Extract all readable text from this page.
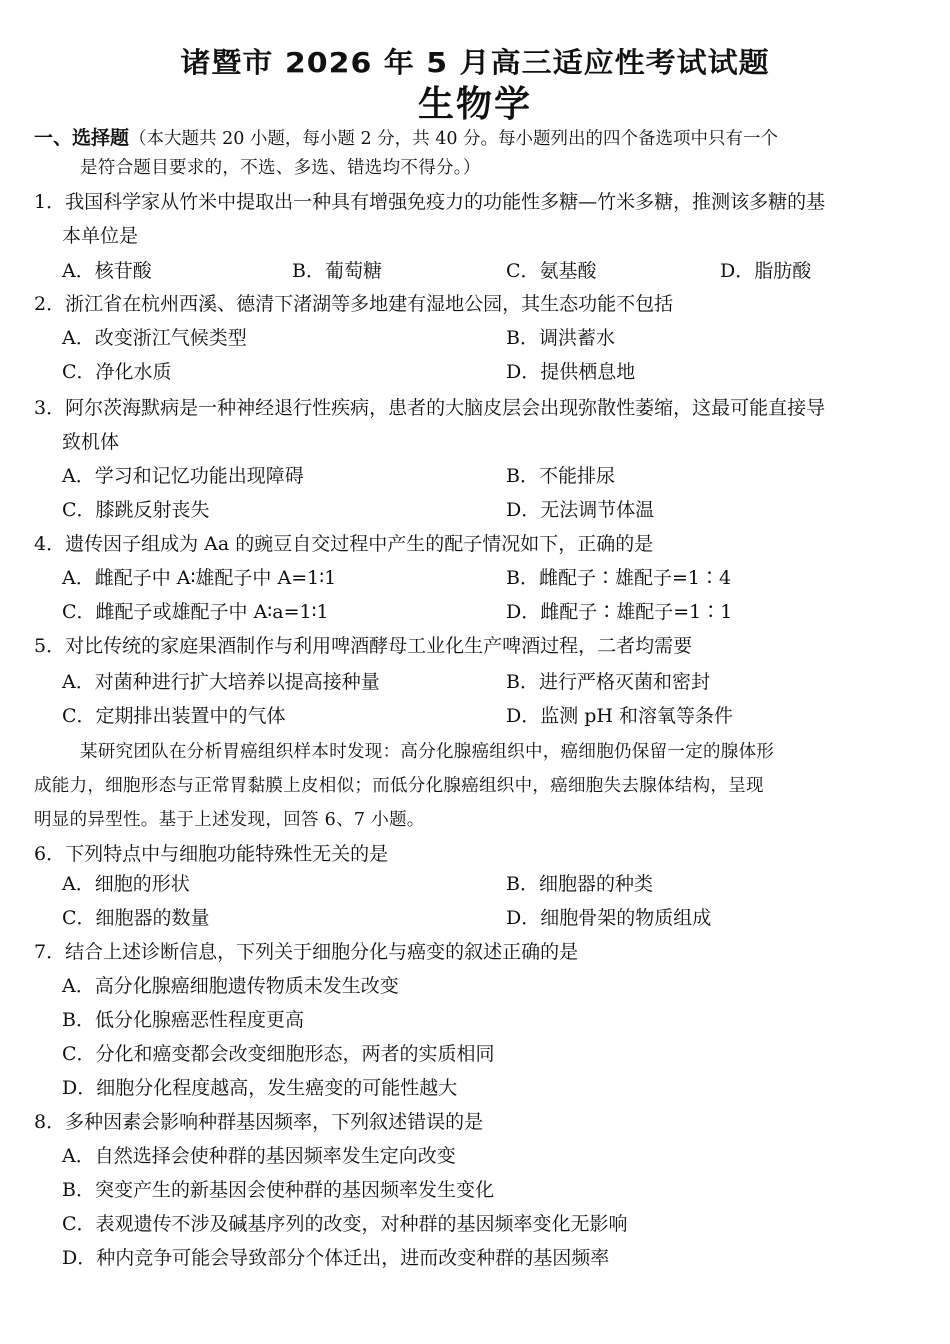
诸暨市 2026 年 5 月高三适应性考试试题
生物学
一、选择题（本大题共 20 小题，每小题 2 分，共 40 分。每小题列出的四个备选项中只有一个
是符合题目要求的，不选、多选、错选均不得分。）
1．我国科学家从竹米中提取出一种具有增强免疫力的功能性多糖—竹米多糖，推测该多糖的基
本单位是
A．核苷酸	B．葡萄糖	C．氨基酸	D．脂肪酸
2．浙江省在杭州西溪、德清下渚湖等多地建有湿地公园，其生态功能不包括
A．改变浙江气候类型	B．调洪蓄水
C．净化水质	D．提供栖息地
3．阿尔茨海默病是一种神经退行性疾病，患者的大脑皮层会出现弥散性萎缩，这最可能直接导
致机体
A．学习和记忆功能出现障碍	B．不能排尿
C．膝跳反射丧失	D．无法调节体温
4．遗传因子组成为 Aa 的豌豆自交过程中产生的配子情况如下，正确的是
A．雌配子中 A∶雄配子中 A=1∶1	B．雌配子∶雄配子=1∶4
C．雌配子或雄配子中 A∶a=1∶1	D．雌配子∶雄配子=1∶1
5．对比传统的家庭果酒制作与利用啤酒酵母工业化生产啤酒过程，二者均需要
A．对菌种进行扩大培养以提高接种量	B．进行严格灭菌和密封
C．定期排出装置中的气体	D．监测 pH 和溶氧等条件
某研究团队在分析胃癌组织样本时发现：高分化腺癌组织中，癌细胞仍保留一定的腺体形
成能力，细胞形态与正常胃黏膜上皮相似；而低分化腺癌组织中，癌细胞失去腺体结构，呈现
明显的异型性。基于上述发现，回答 6、7 小题。
6．下列特点中与细胞功能特殊性无关的是
A．细胞的形状	B．细胞器的种类
C．细胞器的数量	D．细胞骨架的物质组成
7．结合上述诊断信息，下列关于细胞分化与癌变的叙述正确的是
A．高分化腺癌细胞遗传物质未发生改变
B．低分化腺癌恶性程度更高
C．分化和癌变都会改变细胞形态，两者的实质相同
D．细胞分化程度越高，发生癌变的可能性越大
8．多种因素会影响种群基因频率，下列叙述错误的是
A．自然选择会使种群的基因频率发生定向改变
B．突变产生的新基因会使种群的基因频率发生变化
C．表观遗传不涉及碱基序列的改变，对种群的基因频率变化无影响
D．种内竞争可能会导致部分个体迁出，进而改变种群的基因频率
